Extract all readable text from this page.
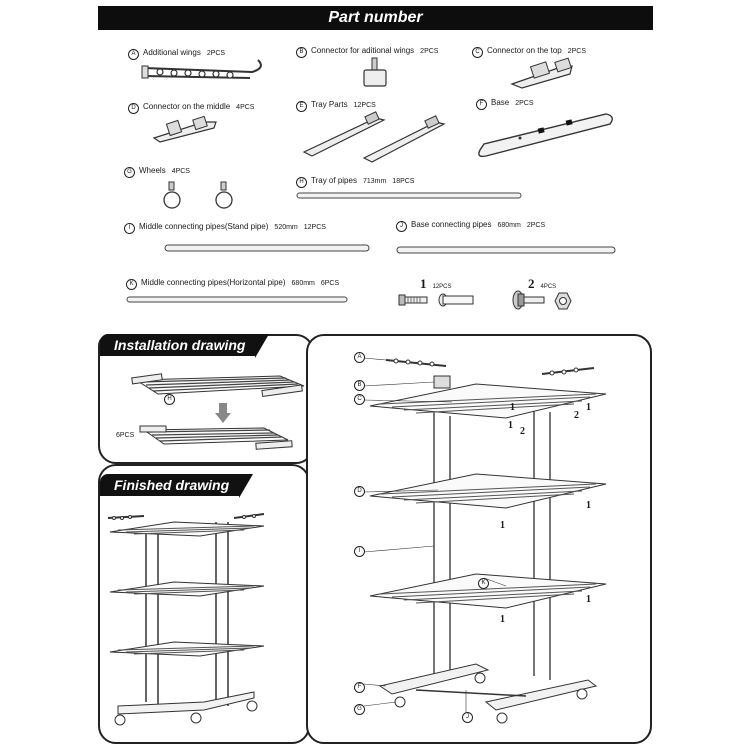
Part number
A Additional wings 2PCS	B Connector for aditional wings 2PCS	C Connector on the top 2PCS
D Connector on the middle 4PCS	E Tray Parts 12PCS	F Base 2PCS
G Wheels 4PCS
H Tray of pipes 713mm 18PCS
I Middle connecting pipes(Stand pipe) 520mm 12PCS	J Base connecting pipes 680mm 2PCS
K Middle connecting pipes(Horizontal pipe) 680mm 6PCS	1 12PCS	2 4PCS
Installation drawing
H
6PCS
Finished drawing
A
B
C
D
I
K
F
G
J
1
2
1
1
2
1
1
1
1
